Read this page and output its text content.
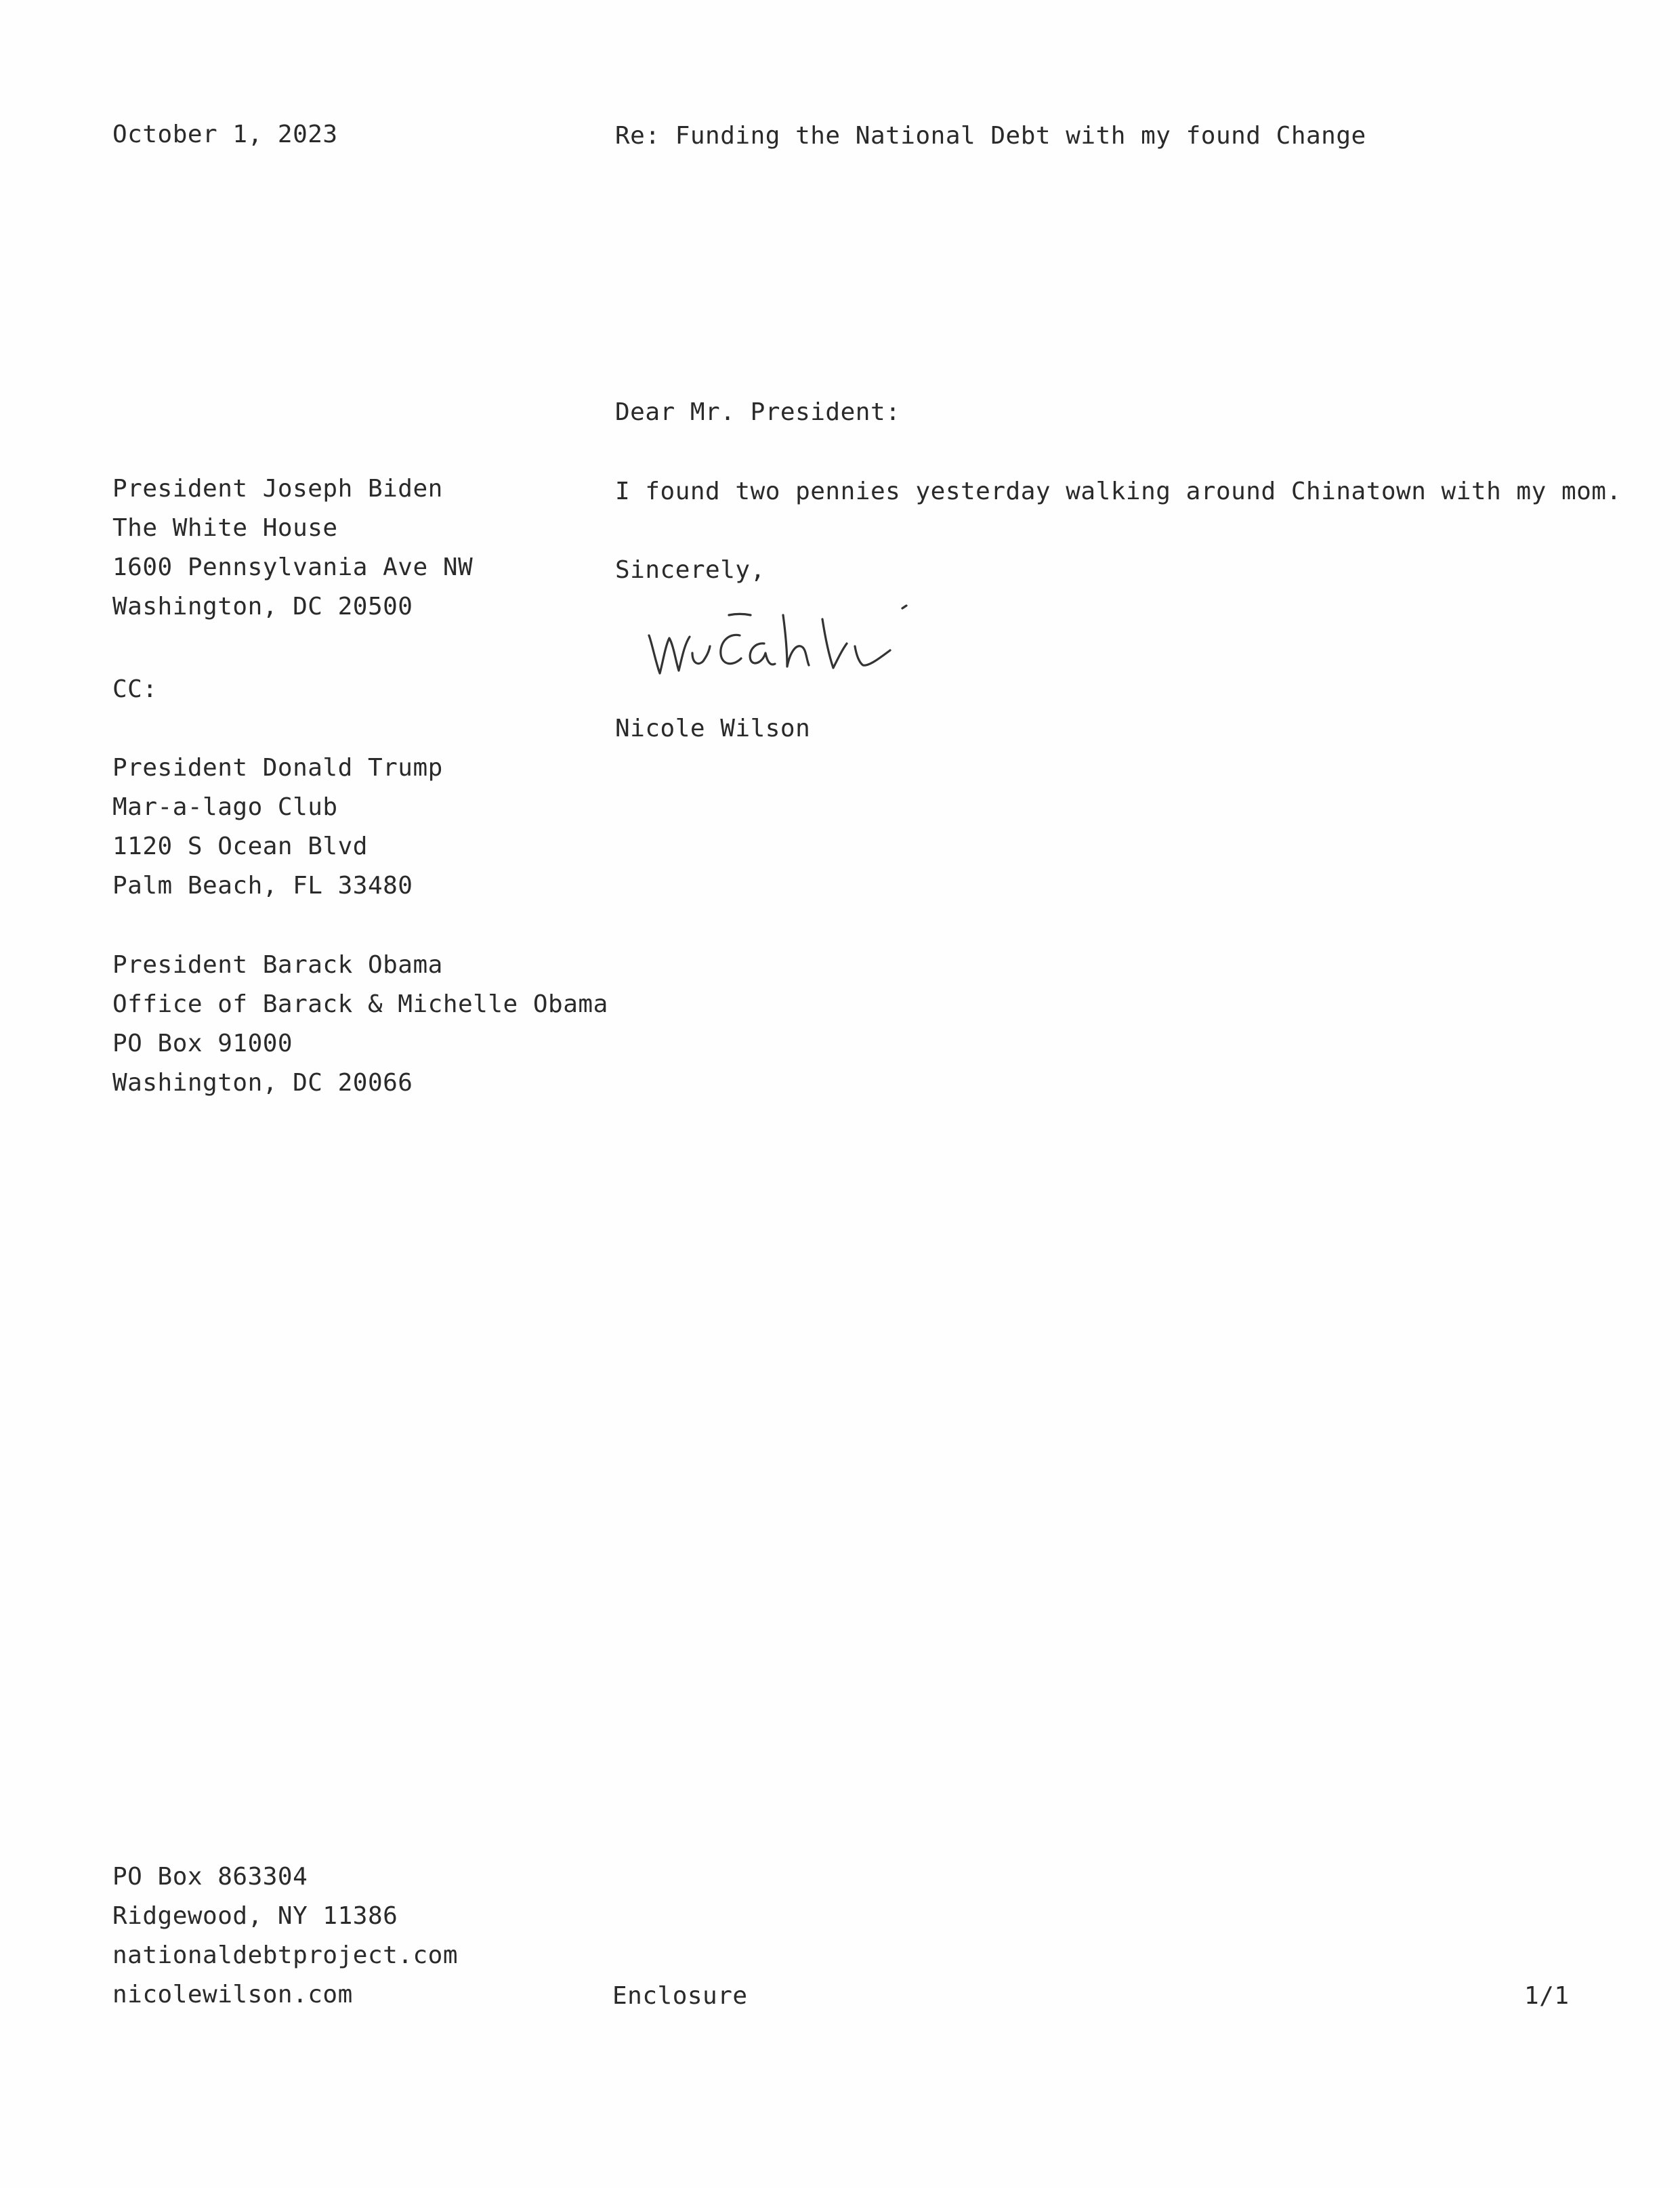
October 1, 2023	Re: Funding the National Debt with my found Change
Dear Mr. President:
I found two pennies yesterday walking around Chinatown with my mom.
Sincerely,
Nicole Wilson
President Joseph Biden
The White House
1600 Pennsylvania Ave NW
Washington, DC 20500
CC:
President Donald Trump
Mar-a-lago Club
1120 S Ocean Blvd
Palm Beach, FL 33480
President Barack Obama
Office of Barack & Michelle Obama
PO Box 91000
Washington, DC 20066
PO Box 863304
Ridgewood, NY 11386
nationaldebtproject.com
nicolewilson.com	Enclosure	1/1
